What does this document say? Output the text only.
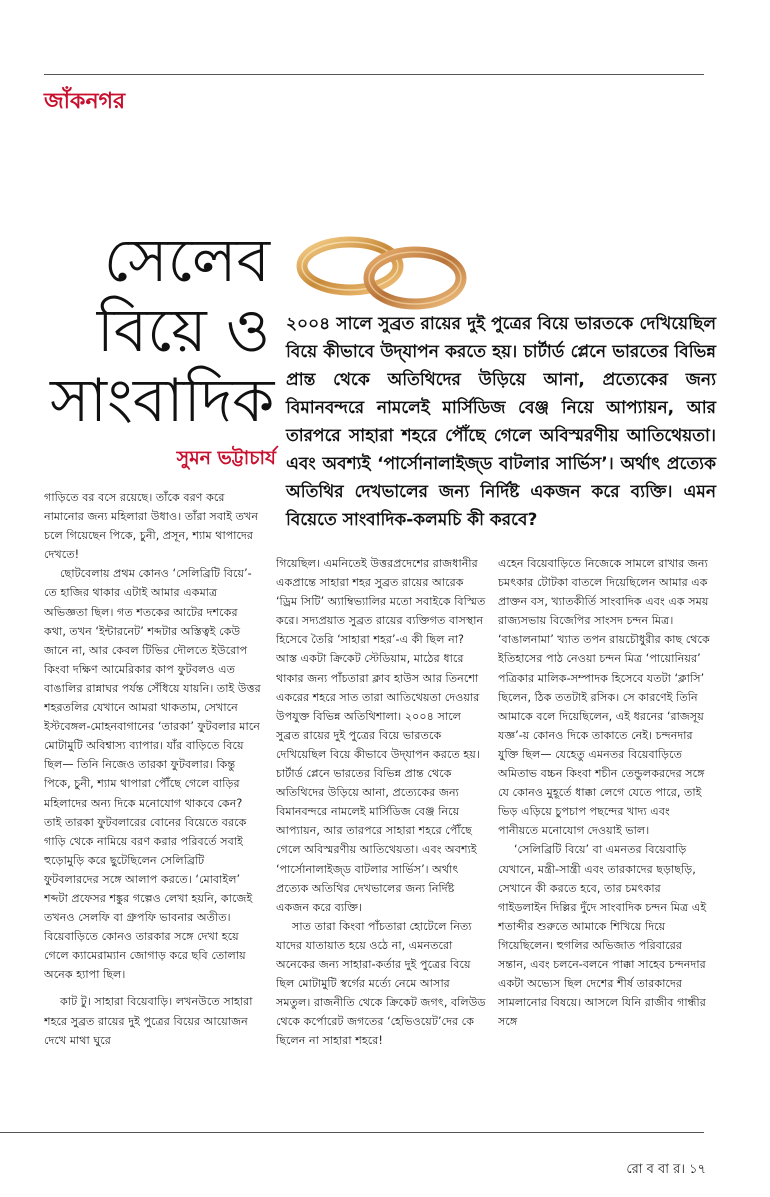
জাঁকনগর
সেলেব
বিয়ে ও
সাংবাদিক
সুমন ভট্টাচার্য
২০০৪ সালে সুব্রত রায়ের দুই পুত্রের বিয়ে ভারতকে দেখিয়েছিল বিয়ে কীভাবে উদ্‌যাপন করতে হয়। চার্টার্ড প্লেনে ভারতের বিভিন্ন প্রান্ত থেকে অতিথিদের উড়িয়ে আনা, প্রত্যেকের জন্য বিমানবন্দরে নামলেই মার্সিডিজ বেঞ্জ নিয়ে আপ্যায়ন, আর তারপরে সাহারা শহরে পৌঁছে গেলে অবিস্মরণীয় আতিথেয়তা। এবং অবশ্যই ‘পার্সোনালাইজ্‌ড বাটলার সার্ভিস’। অর্থাৎ প্রত্যেক অতিথির দেখভালের জন্য নির্দিষ্ট একজন করে ব্যক্তি। এমন বিয়েতে সাংবাদিক-কলমচি কী করবে?

গাড়িতে বর বসে রয়েছে। তাঁকে বরণ করে নামানোর জন্য মহিলারা উধাও। তাঁরা সবাই তখন চলে গিয়েছেন পিকে, চুনী, প্রসূন, শ্যাম থাপাদের দেখতে!

ছোটবেলায় প্রথম কোনও ‘সেলিব্রিটি বিয়ে’-তে হাজির থাকার এটাই আমার একমাত্র অভিজ্ঞতা ছিল। গত শতকের আটের দশকের কথা, তখন ‘ইন্টারনেট’ শব্দটার অস্তিত্বই কেউ জানে না, আর কেবল টিভির দৌলতে ইউরোপ কিংবা দক্ষিণ আমেরিকার কাপ ফুটবলও এত বাঙালির রান্নাঘর পর্যন্ত সেঁধিয়ে যায়নি। তাই উত্তর শহরতলির যেখানে আমরা থাকতাম, সেখানে ইস্টবেঙ্গল-মোহনবাগানের ‘তারকা’ ফুটবলার মানে মোটামুটি অবিশ্বাস্য ব্যাপার। যাঁর বাড়িতে বিয়ে ছিল— তিনি নিজেও তারকা ফুটবলার। কিন্তু পিকে, চুনী, শ্যাম থাপারা পৌঁছে গেলে বাড়ির মহিলাদের অন্য দিকে মনোযোগ থাকবে কেন? তাই তারকা ফুটবলারের বোনের বিয়েতে বরকে গাড়ি থেকে নামিয়ে বরণ করার পরিবর্তে সবাই হুড়োমুড়ি করে ছুটেছিলেন সেলিব্রিটি ফুটবলারদের সঙ্গে আলাপ করতে। ‘মোবাইল’ শব্দটা প্রফেসর শঙ্কুর গল্পেও লেখা হয়নি, কাজেই তখনও সেলফি বা গ্রুপফি ভাবনার অতীত। বিয়েবাড়িতে কোনও তারকার সঙ্গে দেখা হয়ে গেলে ক্যামেরাম্যান জোগাড় করে ছবি তোলায় অনেক হ্যাপা ছিল।

কাট টু। সাহারা বিয়েবাড়ি। লখনউতে সাহারা শহরে সুব্রত রায়ের দুই পুত্রের বিয়ের আয়োজন দেখে মাথা ঘুরে

গিয়েছিল। এমনিতেই উত্তরপ্রদেশের রাজধানীর একপ্রান্তে সাহারা শহর সুব্রত রায়ের আরেক ‘ড্রিম সিটি’ অ্যাম্বিভ্যালির মতো সবাইকে বিস্মিত করে। সদ্যপ্রয়াত সুব্রত রায়ের ব্যক্তিগত বাসস্থান হিসেবে তৈরি ‘সাহারা শহর’-এ কী ছিল না? আস্ত একটা ক্রিকেট স্টেডিয়াম, মাঠের ধারে থাকার জন্য পাঁচতারা ক্লাব হাউস আর তিনশো একরের শহরে সাত তারা আতিথেয়তা দেওয়ার উপযুক্ত বিভিন্ন অতিথিশালা। ২০০৪ সালে সুব্রত রায়ের দুই পুত্রের বিয়ে ভারতকে দেখিয়েছিল বিয়ে কীভাবে উদ্‌যাপন করতে হয়। চার্টার্ড প্লেনে ভারতের বিভিন্ন প্রান্ত থেকে অতিথিদের উড়িয়ে আনা, প্রত্যেকের জন্য বিমানবন্দরে নামলেই মার্সিডিজ বেঞ্জ নিয়ে আপ্যায়ন, আর তারপরে সাহারা শহরে পৌঁছে গেলে অবিস্মরণীয় আতিথেয়তা। এবং অবশ্যই ‘পার্সোনালাইজ্‌ড বাটলার সার্ভিস’। অর্থাৎ প্রত্যেক অতিথির দেখভালের জন্য নির্দিষ্ট একজন করে ব্যক্তি।

সাত তারা কিংবা পাঁচতারা হোটেলে নিত্য যাদের যাতায়াত হয়ে ওঠে না, এমনতরো অনেকের জন্য সাহারা-কর্তার দুই পুত্রের বিয়ে ছিল মোটামুটি স্বর্গের মর্ত্যে নেমে আসার সমতুল। রাজনীতি থেকে ক্রিকেট জগৎ, বলিউড থেকে কর্পোরেট জগতের ‘হেভিওয়েট’দের কে ছিলেন না সাহারা শহরে!

এহেন বিয়েবাড়িতে নিজেকে সামলে রাখার জন্য চমৎকার টোটকা বাতলে দিয়েছিলেন আমার এক প্রাক্তন বস, খ্যাতকীর্তি সাংবাদিক এবং এক সময় রাজ্যসভায় বিজেপির সাংসদ চন্দন মিত্র। ‘বাঙালনামা’ খ্যাত তপন রায়চৌধুরীর কাছ থেকে ইতিহাসের পাঠ নেওয়া চন্দন মিত্র ‘পায়োনিয়র’ পত্রিকার মালিক-সম্পাদক হিসেবে যতটা ‘ক্লাসি’ ছিলেন, ঠিক ততটাই রসিক। সে কারণেই তিনি আমাকে বলে দিয়েছিলেন, এই ধরনের ‘রাজসূয় যজ্ঞ’-য় কোনও দিকে তাকাতে নেই। চন্দনদার যুক্তি ছিল— যেহেতু এমনতর বিয়েবাড়িতে অমিতাভ বচ্চন কিংবা শচীন তেন্ডুলকরদের সঙ্গে যে কোনও মুহূর্তে ধাক্কা লেগে যেতে পারে, তাই ভিড় এড়িয়ে চুপচাপ পছন্দের খাদ্য এবং পানীয়তে মনোযোগ দেওয়াই ভাল।

‘সেলিব্রিটি বিয়ে’ বা এমনতর বিয়েবাড়ি যেখানে, মন্ত্রী-সান্ত্রী এবং তারকাদের ছড়াছড়ি, সেখানে কী করতে হবে, তার চমৎকার গাইডলাইন দিল্লির দুঁদে সাংবাদিক চন্দন মিত্র এই শতাব্দীর শুরুতে আমাকে শিখিয়ে দিয়ে গিয়েছিলেন। হুগলির অভিজাত পরিবারের সন্তান, এবং চলনে-বলনে পাক্কা সাহেব চন্দনদার একটা অভ্যেস ছিল দেশের শীর্ষ তারকাদের সামলানোর বিষয়ে। আসলে যিনি রাজীব গান্ধীর সঙ্গে

রো ব বা র। ১৭
